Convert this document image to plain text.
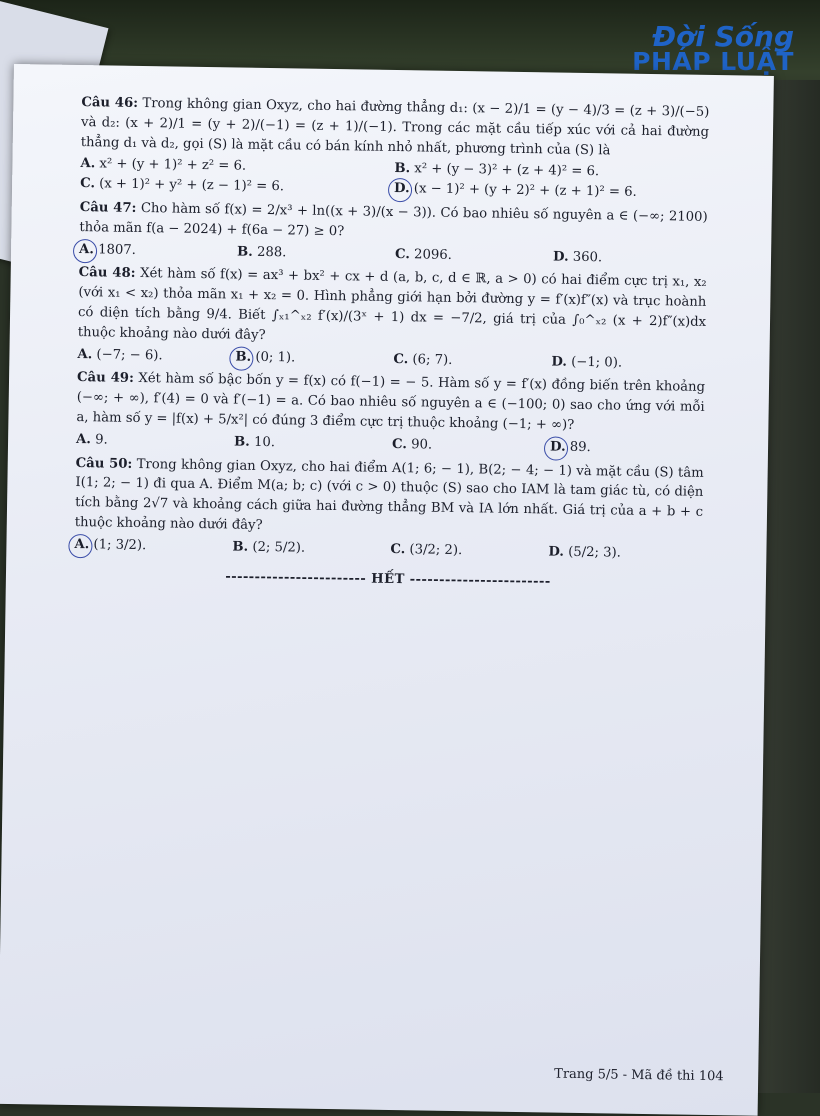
Đời Sống
PHÁP LUẬT
Câu 46: Trong không gian Oxyz, cho hai đường thẳng d₁: (x − 2)/1 = (y − 4)/3 = (z + 3)/(−5) và d₂: (x + 2)/1 = (y + 2)/(−1) = (z + 1)/(−1). Trong các mặt cầu tiếp xúc với cả hai đường thẳng d₁ và d₂, gọi (S) là mặt cầu có bán kính nhỏ nhất, phương trình của (S) là
A. x² + (y + 1)² + z² = 6.	B. x² + (y − 3)² + (z + 4)² = 6.
C. (x + 1)² + y² + (z − 1)² = 6.	D. (x − 1)² + (y + 2)² + (z + 1)² = 6.
Câu 47: Cho hàm số f(x) = 2/x³ + ln((x + 3)/(x − 3)). Có bao nhiêu số nguyên a ∈ (−∞; 2100) thỏa mãn f(a − 2024) + f(6a − 27) ≥ 0?
A. 1807.	B. 288.	C. 2096.	D. 360.
Câu 48: Xét hàm số f(x) = ax³ + bx² + cx + d (a, b, c, d ∈ ℝ, a > 0) có hai điểm cực trị x₁, x₂ (với x₁ < x₂) thỏa mãn x₁ + x₂ = 0. Hình phẳng giới hạn bởi đường y = f′(x)f″(x) và trục hoành có diện tích bằng 9/4. Biết ∫ₓ₁^ₓ₂ f′(x)/(3ˣ + 1) dx = −7/2, giá trị của ∫₀^ₓ₂ (x + 2)f″(x)dx thuộc khoảng nào dưới đây?
A. (−7; − 6).	B. (0; 1).	C. (6; 7).	D. (−1; 0).
Câu 49: Xét hàm số bậc bốn y = f(x) có f(−1) = − 5. Hàm số y = f′(x) đồng biến trên khoảng (−∞; + ∞), f′(4) = 0 và f′(−1) = a. Có bao nhiêu số nguyên a ∈ (−100; 0) sao cho ứng với mỗi a, hàm số y = |f(x) + 5/x²| có đúng 3 điểm cực trị thuộc khoảng (−1; + ∞)?
A. 9.	B. 10.	C. 90.	D. 89.
Câu 50: Trong không gian Oxyz, cho hai điểm A(1; 6; − 1), B(2; − 4; − 1) và mặt cầu (S) tâm I(1; 2; − 1) đi qua A. Điểm M(a; b; c) (với c > 0) thuộc (S) sao cho IAM là tam giác tù, có diện tích bằng 2√7 và khoảng cách giữa hai đường thẳng BM và IA lớn nhất. Giá trị của a + b + c thuộc khoảng nào dưới đây?
A. (1; 3/2).	B. (2; 5/2).	C. (3/2; 2).	D. (5/2; 3).
------------------------ HẾT ------------------------
Trang 5/5 - Mã đề thi 104
